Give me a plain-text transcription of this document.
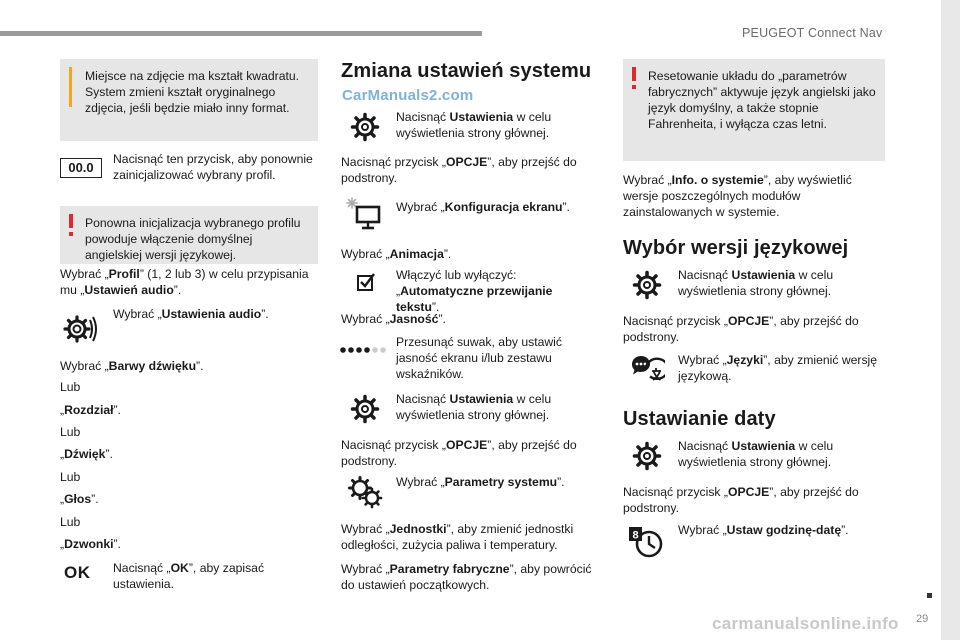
PEUGEOT Connect Nav
29
Miejsce na zdjęcie ma kształt kwadratu. System zmieni kształt oryginalnego zdjęcia, jeśli będzie miało inny format.
00.0
Nacisnąć ten przycisk, aby ponownie zainicjalizować wybrany profil.
Ponowna inicjalizacja wybranego profilu powoduje włączenie domyślnej angielskiej wersji językowej.
Wybrać „Profil” (1, 2 lub 3) w celu przypisania mu „Ustawień audio”.
Wybrać „Ustawienia audio”.
Wybrać „Barwy dźwięku”.
Lub
„Rozdział”.
Lub
„Dźwięk”.
Lub
„Głos”.
Lub
„Dzwonki”.
OK Nacisnąć „OK”, aby zapisać ustawienia.
Zmiana ustawień systemu
CarManuals2.com
Nacisnąć Ustawienia w celu wyświetlenia strony głównej.
Nacisnąć przycisk „OPCJE”, aby przejść do podstrony.
Wybrać „Konfiguracja ekranu”.
Wybrać „Animacja”.
Włączyć lub wyłączyć: „Automatyczne przewijanie tekstu”.
Wybrać „Jasność”.
Przesunąć suwak, aby ustawić jasność ekranu i/lub zestawu wskaźników.
Nacisnąć Ustawienia w celu wyświetlenia strony głównej.
Nacisnąć przycisk „OPCJE”, aby przejść do podstrony.
Wybrać „Parametry systemu”.
Wybrać „Jednostki”, aby zmienić jednostki odległości, zużycia paliwa i temperatury.
Wybrać „Parametry fabryczne”, aby powrócić do ustawień początkowych.
Resetowanie układu do „parametrów fabrycznych” aktywuje język angielski jako język domyślny, a także stopnie Fahrenheita, i wyłącza czas letni.
Wybrać „Info. o systemie”, aby wyświetlić wersje poszczególnych modułów zainstalowanych w systemie.
Wybór wersji językowej
Nacisnąć Ustawienia w celu wyświetlenia strony głównej.
Nacisnąć przycisk „OPCJE”, aby przejść do podstrony.
Wybrać „Języki”, aby zmienić wersję językową.
Ustawianie daty
Nacisnąć Ustawienia w celu wyświetlenia strony głównej.
Nacisnąć przycisk „OPCJE”, aby przejść do podstrony.
8	Wybrać „Ustaw godzinę-datę”.
carmanualsonline.info
